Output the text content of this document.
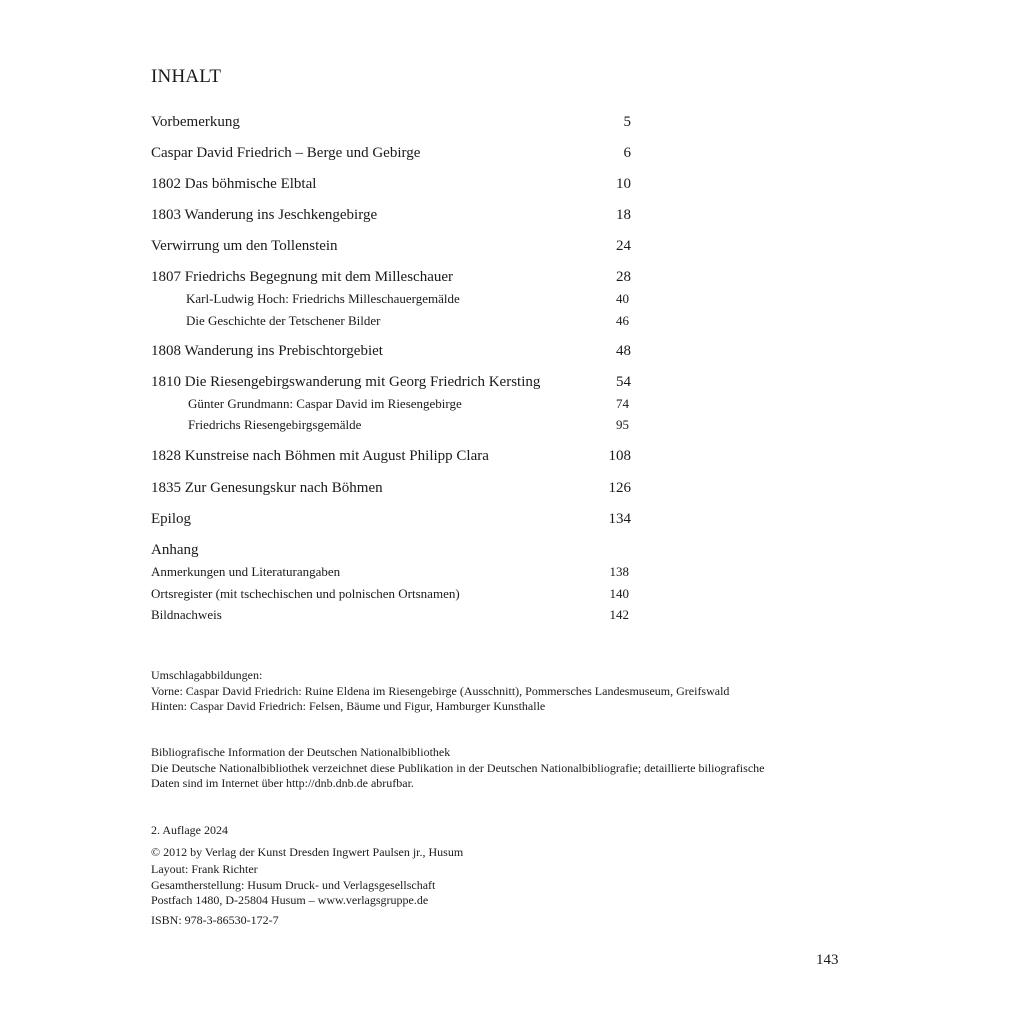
INHALT
Vorbemerkung	5
Caspar David Friedrich – Berge und Gebirge	6
1802 Das böhmische Elbtal	10
1803 Wanderung ins Jeschkengebirge	18
Verwirrung um den Tollenstein	24
1807 Friedrichs Begegnung mit dem Milleschauer	28
Karl-Ludwig Hoch: Friedrichs Milleschauergemälde	40
Die Geschichte der Tetschener Bilder	46
1808 Wanderung ins Prebischtorgebiet	48
1810 Die Riesengebirgswanderung mit Georg Friedrich Kersting	54
Günter Grundmann: Caspar David im Riesengebirge	74
Friedrichs Riesengebirgsgemälde	95
1828 Kunstreise nach Böhmen mit August Philipp Clara	108
1835 Zur Genesungskur nach Böhmen	126
Epilog	134
Anhang
Anmerkungen und Literaturangaben	138
Ortsregister (mit tschechischen und polnischen Ortsnamen)	140
Bildnachweis	142
Umschlagabbildungen:
Vorne: Caspar David Friedrich: Ruine Eldena im Riesengebirge (Ausschnitt), Pommersches Landesmuseum, Greifswald
Hinten: Caspar David Friedrich: Felsen, Bäume und Figur, Hamburger Kunsthalle
Bibliografische Information der Deutschen Nationalbibliothek
Die Deutsche Nationalbibliothek verzeichnet diese Publikation in der Deutschen Nationalbibliografie; detaillierte biliografische
Daten sind im Internet über http://dnb.dnb.de abrufbar.
2. Auflage 2024
© 2012 by Verlag der Kunst Dresden Ingwert Paulsen jr., Husum
Layout: Frank Richter
Gesamtherstellung: Husum Druck- und Verlagsgesellschaft
Postfach 1480, D-25804 Husum – www.verlagsgruppe.de
ISBN: 978-3-86530-172-7
143
